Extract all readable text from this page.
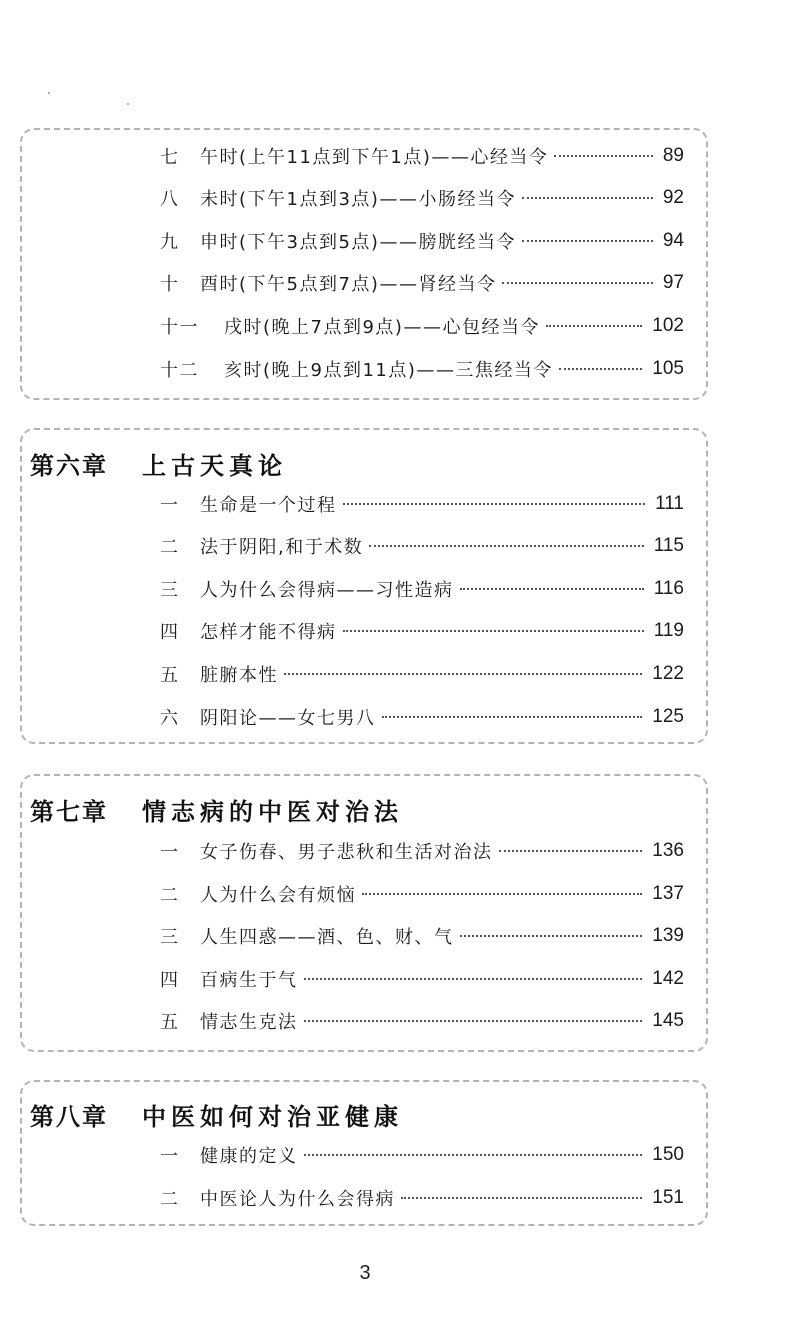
七	午时(上午11点到下午1点)——心经当令	89
八	未时(下午1点到3点)——小肠经当令	92
九	申时(下午3点到5点)——膀胱经当令	94
十	酉时(下午5点到7点)——肾经当令	97
十一	戌时(晚上7点到9点)——心包经当令	102
十二	亥时(晚上9点到11点)——三焦经当令	105
第六章	上古天真论
一	生命是一个过程	111
二	法于阴阳,和于术数	115
三	人为什么会得病——习性造病	116
四	怎样才能不得病	119
五	脏腑本性	122
六	阴阳论——女七男八	125
第七章	情志病的中医对治法
一	女子伤春、男子悲秋和生活对治法	136
二	人为什么会有烦恼	137
三	人生四惑——酒、色、财、气	139
四	百病生于气	142
五	情志生克法	145
第八章	中医如何对治亚健康
一	健康的定义	150
二	中医论人为什么会得病	151
3
